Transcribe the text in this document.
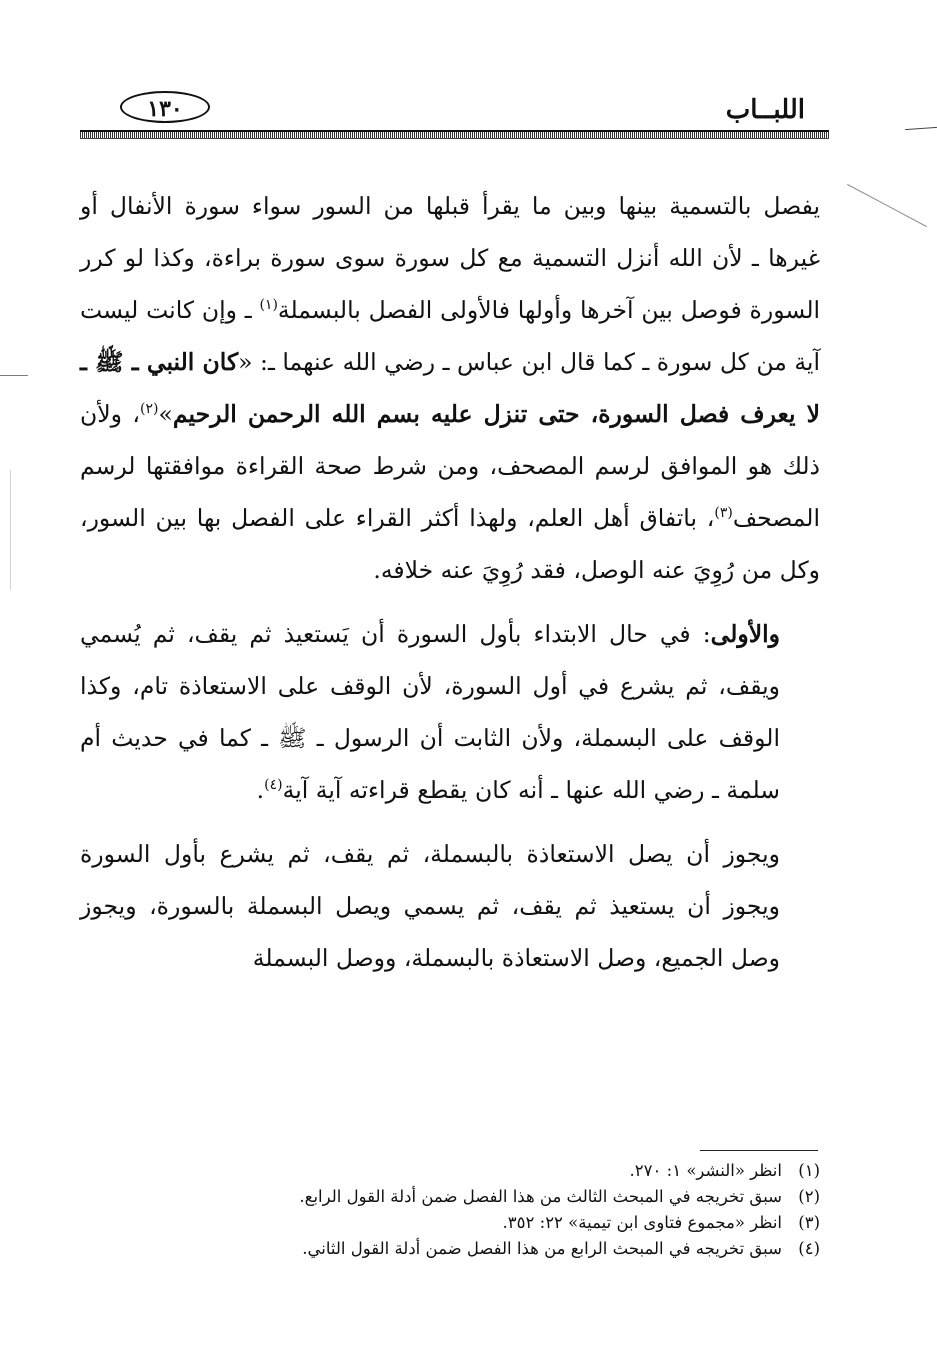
اللبــاب
١٣٠

يفصل بالتسمية بينها وبين ما يقرأ قبلها من السور سواء سورة الأنفال أو غيرها ـ لأن الله أنزل التسمية مع كل سورة سوى سورة براءة، وكذا لو كرر السورة فوصل بين آخرها وأولها فالأولى الفصل بالبسملة$^{(١)}$ ـ وإن كانت ليست آية من كل سورة ـ كما قال ابن عباس ـ رضي الله عنهما ـ: «كان النبي ـ ﷺ ـ لا يعرف فصل السورة، حتى تنزل عليه بسم الله الرحمن الرحيم»$^{(٢)}$، ولأن ذلك هو الموافق لرسم المصحف، ومن شرط صحة القراءة موافقتها لرسم المصحف$^{(٣)}$، باتفاق أهل العلم، ولهذا أكثر القراء على الفصل بها بين السور، وكل من رُوِيَ عنه الوصل، فقد رُوِيَ عنه خلافه.

والأولى: في حال الابتداء بأول السورة أن يَستعيذ ثم يقف، ثم يُسمي ويقف، ثم يشرع في أول السورة، لأن الوقف على الاستعاذة تام، وكذا الوقف على البسملة، ولأن الثابت أن الرسول ـ ﷺ ـ كما في حديث أم سلمة ـ رضي الله عنها ـ أنه كان يقطع قراءته آية آية$^{(٤)}$.

ويجوز أن يصل الاستعاذة بالبسملة، ثم يقف، ثم يشرع بأول السورة ويجوز أن يستعيذ ثم يقف، ثم يسمي ويصل البسملة بالسورة، ويجوز وصل الجميع، وصل الاستعاذة بالبسملة، ووصل البسملة

(١)انظر «النشر» ١: ٢٧٠.

(٢)سبق تخريجه في المبحث الثالث من هذا الفصل ضمن أدلة القول الرابع.

(٣)انظر «مجموع فتاوى ابن تيمية» ٢٢: ٣٥٢.

(٤)سبق تخريجه في المبحث الرابع من هذا الفصل ضمن أدلة القول الثاني.
